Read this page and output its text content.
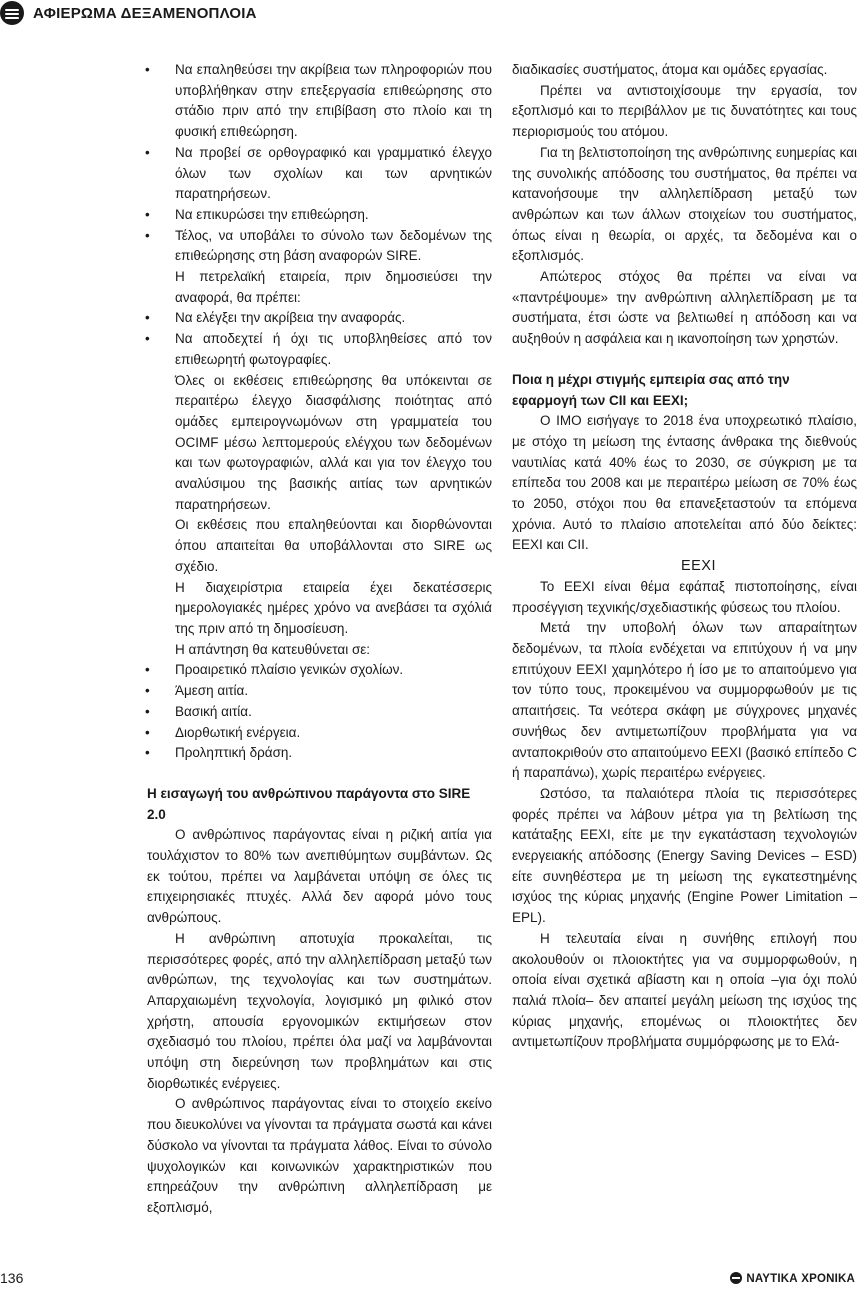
ΑΦΙΕΡΩΜΑ ΔΕΞΑΜΕΝΟΠΛΟΙΑ
• Να επαληθεύσει την ακρίβεια των πληροφοριών που υποβλήθηκαν στην επεξεργασία επιθεώρησης στο στάδιο πριν από την επιβίβαση στο πλοίο και τη φυσική επιθεώρηση.
• Να προβεί σε ορθογραφικό και γραμματικό έλεγχο όλων των σχολίων και των αρνητικών παρατηρήσεων.
• Να επικυρώσει την επιθεώρηση.
• Τέλος, να υποβάλει το σύνολο των δεδομένων της επιθεώρησης στη βάση αναφορών SIRE.

Η πετρελαϊκή εταιρεία, πριν δημοσιεύσει την αναφορά, θα πρέπει:

• Να ελέγξει την ακρίβεια την αναφοράς.
• Να αποδεχτεί ή όχι τις υποβληθείσες από τον επιθεωρητή φωτογραφίες.

Όλες οι εκθέσεις επιθεώρησης θα υπόκεινται σε περαιτέρω έλεγχο διασφάλισης ποιότητας από ομάδες εμπειρογνωμόνων στη γραμματεία του OCIMF μέσω λεπτομερούς ελέγχου των δεδομένων και των φωτογραφιών, αλλά και για τον έλεγχο του αναλύσιμου της βασικής αιτίας των αρνητικών παρατηρήσεων.

Οι εκθέσεις που επαληθεύονται και διορθώνονται όπου απαιτείται θα υποβάλλονται στο SIRE ως σχέδιο.

Η διαχειρίστρια εταιρεία έχει δεκατέσσερις ημερολογιακές ημέρες χρόνο να ανεβάσει τα σχόλιά της πριν από τη δημοσίευση.

Η απάντηση θα κατευθύνεται σε:

• Προαιρετικό πλαίσιο γενικών σχολίων.
• Άμεση αιτία.
• Βασική αιτία.
• Διορθωτική ενέργεια.
• Προληπτική δράση.
Η εισαγωγή του ανθρώπινου παράγοντα στο SIRE 2.0

Ο ανθρώπινος παράγοντας είναι η ριζική αιτία για τουλάχιστον το 80% των ανεπιθύμητων συμβάντων. Ως εκ τούτου, πρέπει να λαμβάνεται υπόψη σε όλες τις επιχειρησιακές πτυχές. Αλλά δεν αφορά μόνο τους ανθρώπους.

Η ανθρώπινη αποτυχία προκαλείται, τις περισσότερες φορές, από την αλληλεπίδραση μεταξύ των ανθρώπων, της τεχνολογίας και των συστημάτων. Απαρχαιωμένη τεχνολογία, λογισμικό μη φιλικό στον χρήστη, απουσία εργονομικών εκτιμήσεων στον σχεδιασμό του πλοίου, πρέπει όλα μαζί να λαμβάνονται υπόψη στη διερεύνηση των προβλημάτων και στις διορθωτικές ενέργειες.

Ο ανθρώπινος παράγοντας είναι το στοιχείο εκείνο που διευκολύνει να γίνονται τα πράγματα σωστά και κάνει δύσκολο να γίνονται τα πράγματα λάθος. Είναι το σύνολο ψυχολογικών και κοινωνικών χαρακτηριστικών που επηρεάζουν την ανθρώπινη αλληλεπίδραση με εξοπλισμό,

διαδικασίες συστήματος, άτομα και ομάδες εργασίας.

Πρέπει να αντιστοιχίσουμε την εργασία, τον εξοπλισμό και το περιβάλλον με τις δυνατότητες και τους περιορισμούς του ατόμου.

Για τη βελτιστοποίηση της ανθρώπινης ευημερίας και της συνολικής απόδοσης του συστήματος, θα πρέπει να κατανοήσουμε την αλληλεπίδραση μεταξύ των ανθρώπων και των άλλων στοιχείων του συστήματος, όπως είναι η θεωρία, οι αρχές, τα δεδομένα και ο εξοπλισμός.

Απώτερος στόχος θα πρέπει να είναι να «παντρέψουμε» την ανθρώπινη αλληλεπίδραση με τα συστήματα, έτσι ώστε να βελτιωθεί η απόδοση και να αυξηθούν η ασφάλεια και η ικανοποίηση των χρηστών.

Ποια η μέχρι στιγμής εμπειρία σας από την εφαρμογή των CII και EEXI;

Ο IMO εισήγαγε το 2018 ένα υποχρεωτικό πλαίσιο, με στόχο τη μείωση της έντασης άνθρακα της διεθνούς ναυτιλίας κατά 40% έως το 2030, σε σύγκριση με τα επίπεδα του 2008 και με περαιτέρω μείωση σε 70% έως το 2050, στόχοι που θα επανεξεταστούν τα επόμενα χρόνια. Αυτό το πλαίσιο αποτελείται από δύο δείκτες: EEXI και CII.

EEXI

Το EEXI είναι θέμα εφάπαξ πιστοποίησης, είναι προσέγγιση τεχνικής/σχεδιαστικής φύσεως του πλοίου.

Μετά την υποβολή όλων των απαραίτητων δεδομένων, τα πλοία ενδέχεται να επιτύχουν ή να μην επιτύχουν EEXI χαμηλότερο ή ίσο με το απαιτούμενο για τον τύπο τους, προκειμένου να συμμορφωθούν με τις απαιτήσεις. Τα νεότερα σκάφη με σύγχρονες μηχανές συνήθως δεν αντιμετωπίζουν προβλήματα για να ανταποκριθούν στο απαιτούμενο EEXI (βασικό επίπεδο C ή παραπάνω), χωρίς περαιτέρω ενέργειες.

Ωστόσο, τα παλαιότερα πλοία τις περισσότερες φορές πρέπει να λάβουν μέτρα για τη βελτίωση της κατάταξης EEXI, είτε με την εγκατάσταση τεχνολογιών ενεργειακής απόδοσης (Energy Saving Devices – ESD) είτε συνηθέστερα με τη μείωση της εγκατεστημένης ισχύος της κύριας μηχανής (Engine Power Limitation – EPL).

Η τελευταία είναι η συνήθης επιλογή που ακολουθούν οι πλοιοκτήτες για να συμμορφωθούν, η οποία είναι σχετικά αβίαστη και η οποία –για όχι πολύ παλιά πλοία– δεν απαιτεί μεγάλη μείωση της ισχύος της κύριας μηχανής, επομένως οι πλοιοκτήτες δεν αντιμετωπίζουν προβλήματα συμμόρφωσης με το Ελά-

136	ΝΑΥΤΙΚΑ ΧΡΟΝΙΚΑ
